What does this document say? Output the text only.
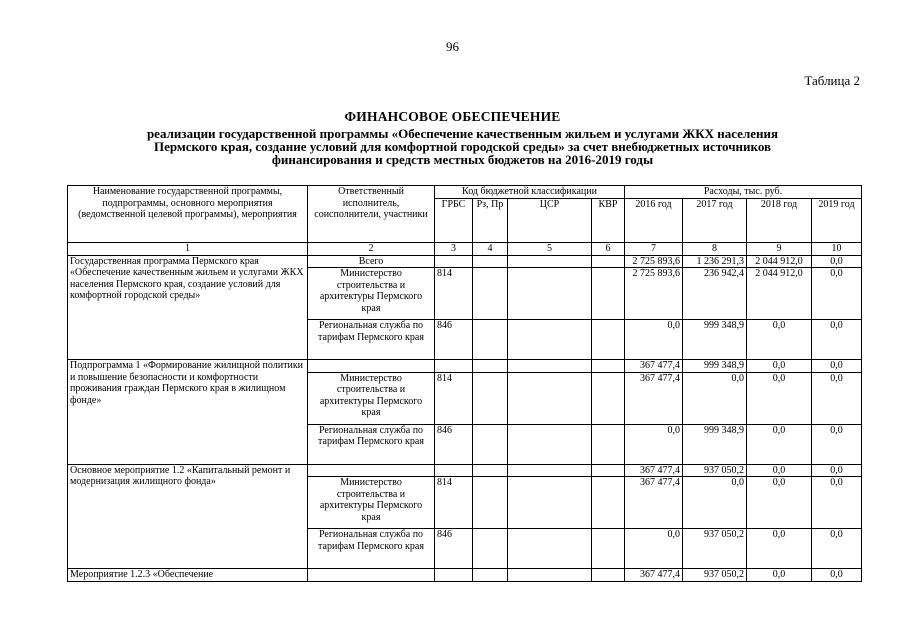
96
Таблица 2
ФИНАНСОВОЕ ОБЕСПЕЧЕНИЕ
реализации государственной программы «Обеспечение качественным жильем и услугами ЖКХ населения
Пермского края, создание условий для комфортной городской среды» за счет внебюджетных источников
финансирования и средств местных бюджетов на 2016-2019 годы
Наименование государственной программы, подпрограммы, основного мероприятия (ведомственной целевой программы), мероприятия	Ответственный исполнитель, соисполнители, участники	Код бюджетной классификации				Расходы, тыс. руб.			
		ГРБС	Рз, Пр	ЦСР	КВР	2016 год	2017 год	2018 год	2019 год
1	2	3	4	5	6	7	8	9	10
Государственная программа Пермского края «Обеспечение качественным жильем и услугами ЖКХ населения Пермского края, создание условий для комфортной городской среды»	Всего					2 725 893,6	1 236 291,3	2 044 912,0	0,0
	Министерство строительства и архитектуры Пермского края	814				2 725 893,6	236 942,4	2 044 912,0	0,0
	Региональная служба по тарифам Пермского края	846				0,0	999 348,9	0,0	0,0
Подпрограмма 1 «Формирование жилищной политики и повышение безопасности и комфортности проживания граждан Пермского края в жилищном фонде»						367 477,4	999 348,9	0,0	0,0
	Министерство строительства и архитектуры Пермского края	814				367 477,4	0,0	0,0	0,0
	Региональная служба по тарифам Пермского края	846				0,0	999 348,9	0,0	0,0
Основное мероприятие 1.2 «Капитальный ремонт и модернизация жилищного фонда»						367 477,4	937 050,2	0,0	0,0
	Министерство строительства и архитектуры Пермского края	814				367 477,4	0,0	0,0	0,0
	Региональная служба по тарифам Пермского края	846				0,0	937 050,2	0,0	0,0
Мероприятие 1.2.3 «Обеспечение						367 477,4	937 050,2	0,0	0,0
